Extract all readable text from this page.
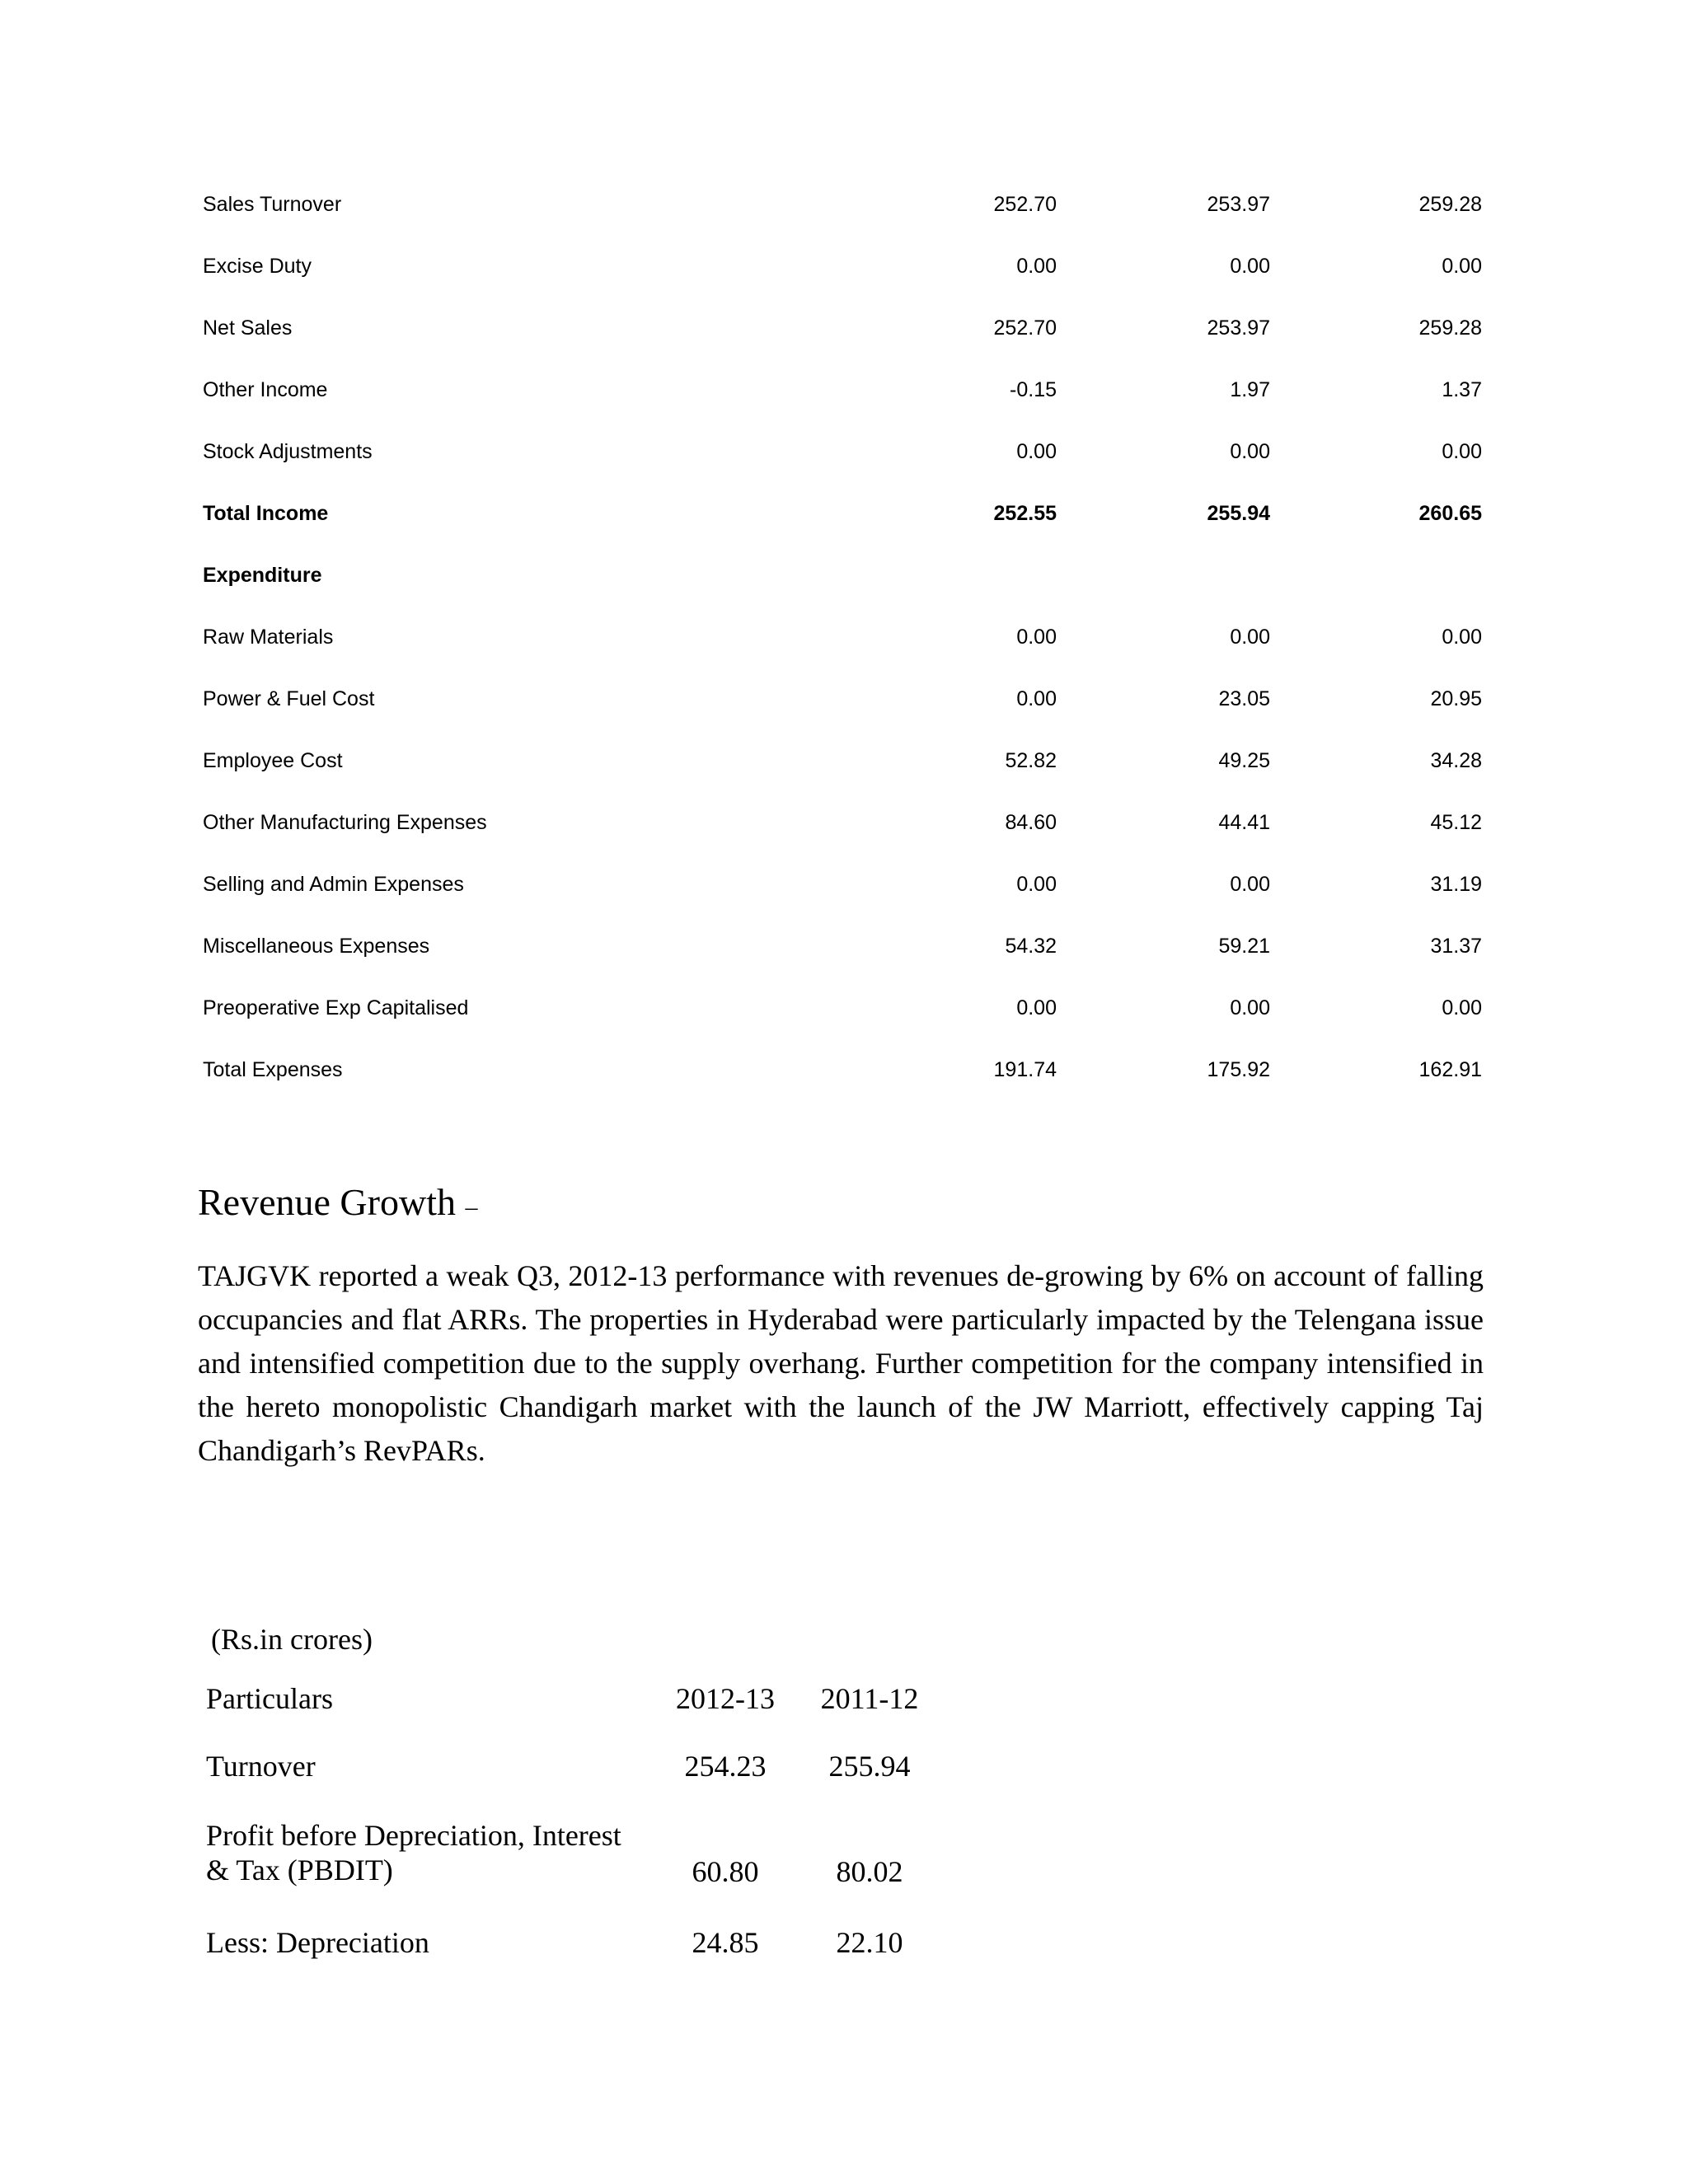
Sales Turnover	252.70	253.97	259.28
Excise Duty	0.00	0.00	0.00
Net Sales	252.70	253.97	259.28
Other Income	-0.15	1.97	1.37
Stock Adjustments	0.00	0.00	0.00
Total Income	252.55	255.94	260.65
Expenditure
Raw Materials	0.00	0.00	0.00
Power & Fuel Cost	0.00	23.05	20.95
Employee Cost	52.82	49.25	34.28
Other Manufacturing Expenses	84.60	44.41	45.12
Selling and Admin Expenses	0.00	0.00	31.19
Miscellaneous Expenses	54.32	59.21	31.37
Preoperative Exp Capitalised	0.00	0.00	0.00
Total Expenses	191.74	175.92	162.91
Revenue Growth –
TAJGVK reported a weak Q3, 2012-13 performance with revenues de-growing by 6% on account of falling occupancies and flat ARRs. The properties in Hyderabad were particularly impacted by the Telengana issue and intensified competition due to the supply overhang. Further competition for the company intensified in the hereto monopolistic Chandigarh market with the launch of the JW Marriott, effectively capping Taj Chandigarh’s RevPARs.
(Rs.in crores)
Particulars	2012-13	2011-12
Turnover	254.23	255.94
Profit before Depreciation, Interest & Tax (PBDIT)	60.80	80.02
Less: Depreciation	24.85	22.10
